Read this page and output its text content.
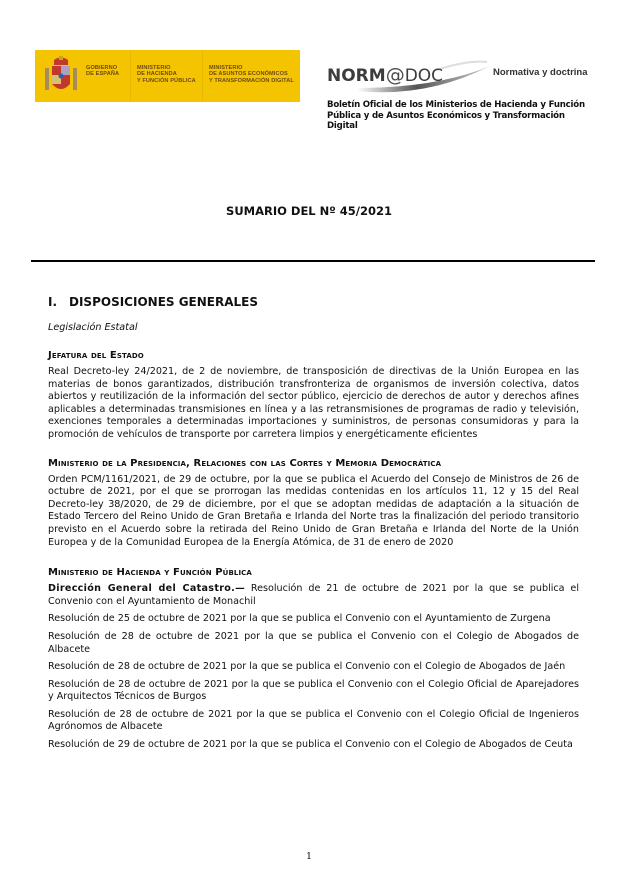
GOBIERNO
DE ESPAÑA
MINISTERIO
DE HACIENDA
Y FUNCIÓN PÚBLICA
MINISTERIO
DE ASUNTOS ECONÓMICOS
Y TRANSFORMACIÓN DIGITAL NORM@DOC	Normativa y doctrina
Boletín Oficial de los Ministerios de Hacienda y Función
Pública y de Asuntos Económicos y Transformación Digital
SUMARIO DEL Nº 45/2021
I. DISPOSICIONES GENERALES
Legislación Estatal
Jefatura del Estado
Real Decreto-ley 24/2021, de 2 de noviembre, de transposición de directivas de la Unión Europea en las materias de bonos garantizados, distribución transfronteriza de organismos de inversión colectiva, datos abiertos y reutilización de la información del sector público, ejercicio de derechos de autor y derechos afines aplicables a determinadas transmisiones en línea y a las retransmisiones de programas de radio y televisión, exenciones temporales a determinadas importaciones y suministros, de personas consumidoras y para la promoción de vehículos de transporte por carretera limpios y energéticamente eficientes
Ministerio de la Presidencia, Relaciones con las Cortes y Memoria Democrática
Orden PCM/1161/2021, de 29 de octubre, por la que se publica el Acuerdo del Consejo de Ministros de 26 de octubre de 2021, por el que se prorrogan las medidas contenidas en los artículos 11, 12 y 15 del Real Decreto-ley 38/2020, de 29 de diciembre, por el que se adoptan medidas de adaptación a la situación de Estado Tercero del Reino Unido de Gran Bretaña e Irlanda del Norte tras la finalización del periodo transitorio previsto en el Acuerdo sobre la retirada del Reino Unido de Gran Bretaña e Irlanda del Norte de la Unión Europea y de la Comunidad Europea de la Energía Atómica, de 31 de enero de 2020
Ministerio de Hacienda y Función Pública
Dirección General del Catastro.— Resolución de 21 de octubre de 2021 por la que se publica el Convenio con el Ayuntamiento de Monachil
Resolución de 25 de octubre de 2021 por la que se publica el Convenio con el Ayuntamiento de Zurgena
Resolución de 28 de octubre de 2021 por la que se publica el Convenio con el Colegio de Abogados de Albacete
Resolución de 28 de octubre de 2021 por la que se publica el Convenio con el Colegio de Abogados de Jaén
Resolución de 28 de octubre de 2021 por la que se publica el Convenio con el Colegio Oficial de Aparejadores y Arquitectos Técnicos de Burgos
Resolución de 28 de octubre de 2021 por la que se publica el Convenio con el Colegio Oficial de Ingenieros Agrónomos de Albacete
Resolución de 29 de octubre de 2021 por la que se publica el Convenio con el Colegio de Abogados de Ceuta
1
